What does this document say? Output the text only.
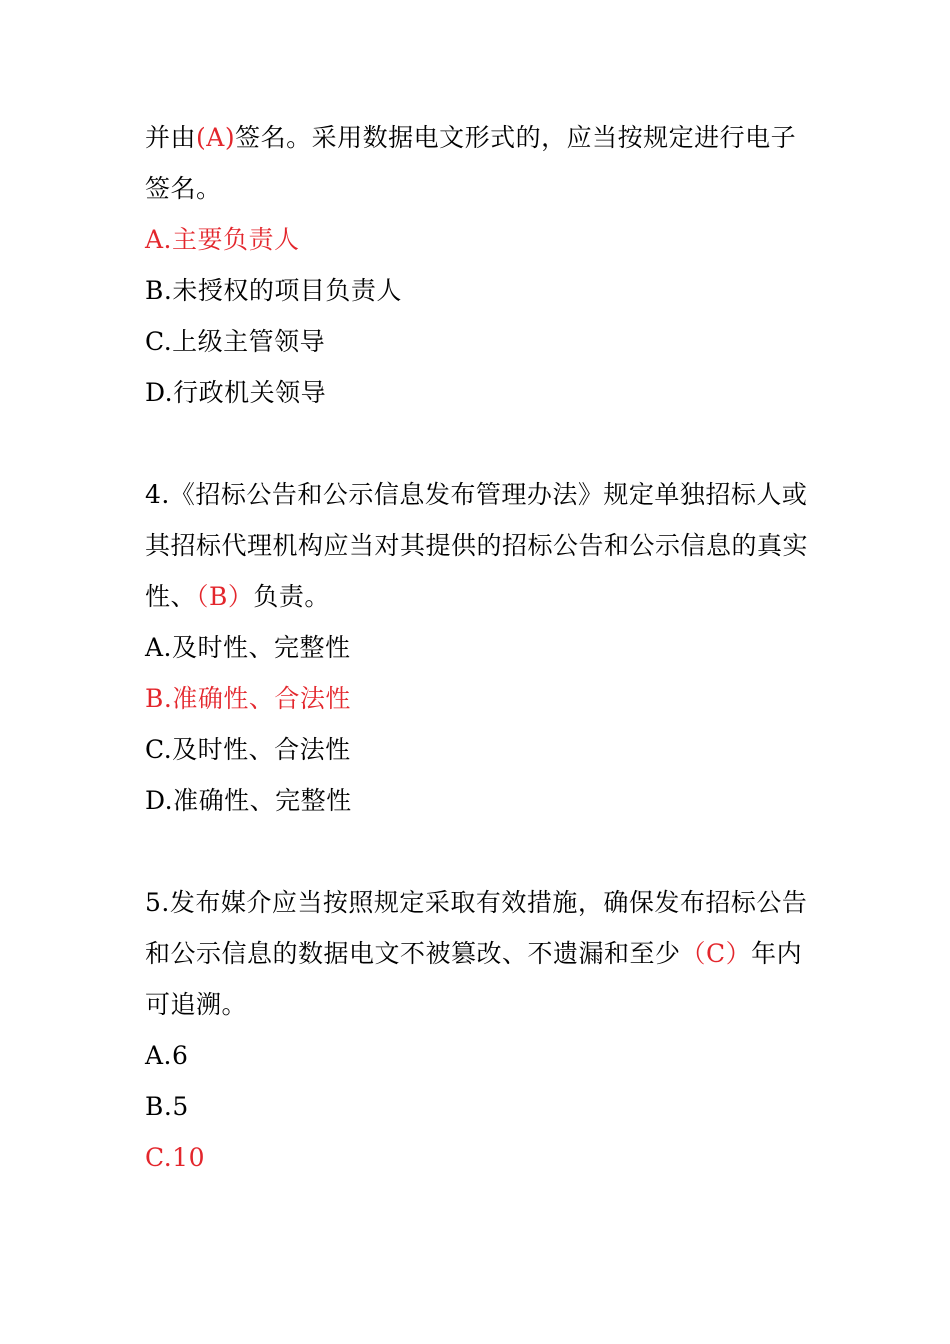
并由(A)签名。采用数据电文形式的，应当按规定进行电子签名。

A.主要负责人

B.未授权的项目负责人

C.上级主管领导

D.行政机关领导

4.《招标公告和公示信息发布管理办法》规定单独招标人或其招标代理机构应当对其提供的招标公告和公示信息的真实性、（B）负责。

A.及时性、完整性

B.准确性、合法性

C.及时性、合法性

D.准确性、完整性

5.发布媒介应当按照规定采取有效措施，确保发布招标公告和公示信息的数据电文不被篡改、不遗漏和至少（C）年内可追溯。

A.6

B.5

C.10
